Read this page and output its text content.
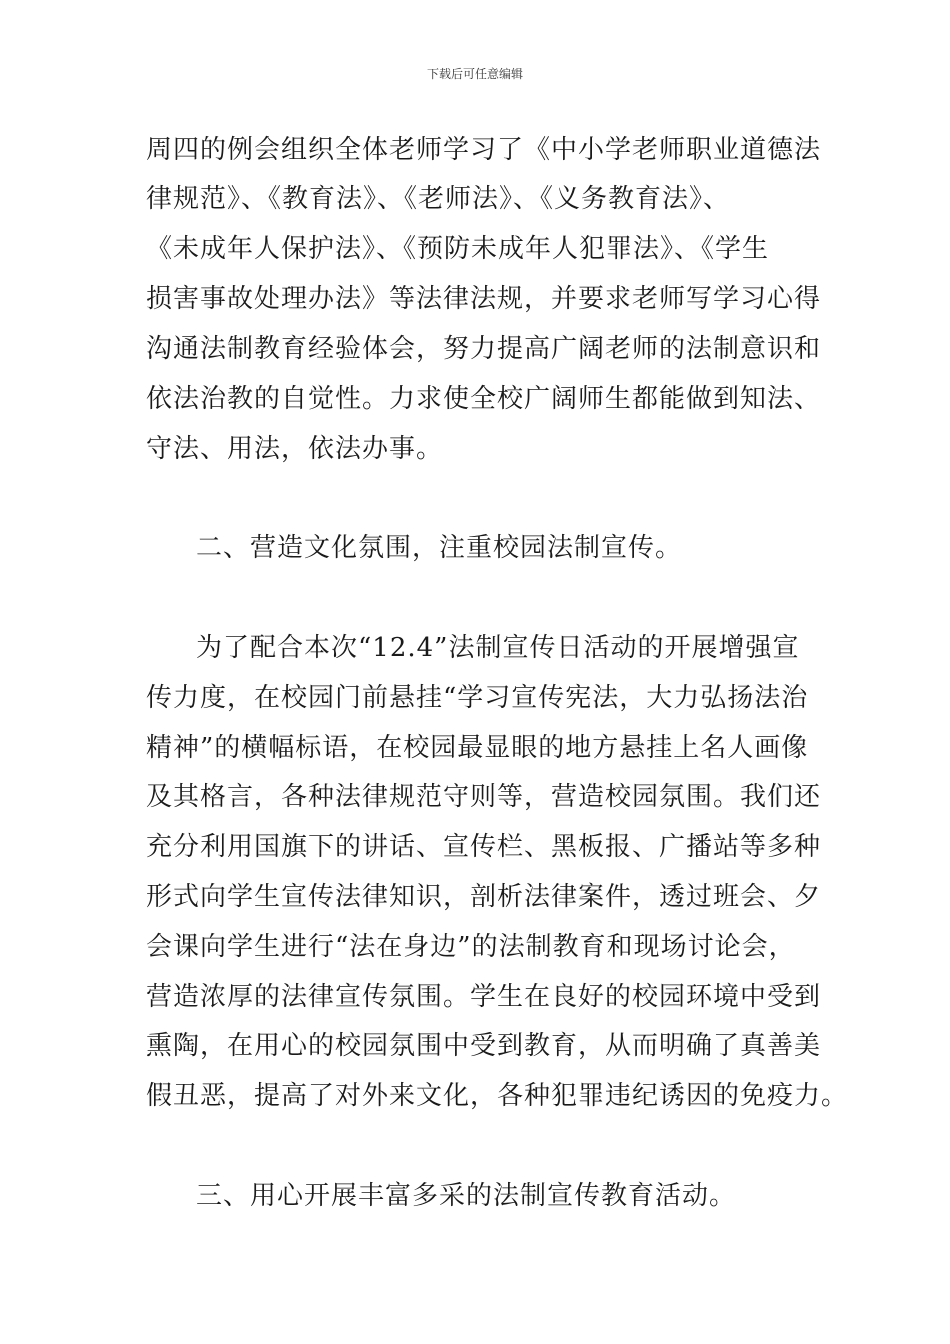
下载后可任意编辑
周四的例会组织全体老师学习了《中小学老师职业道德法
律规范》、《教育法》、《老师法》、《义务教育法》、
《未成年人保护法》、《预防未成年人犯罪法》、《学生
损害事故处理办法》等法律法规，并要求老师写学习心得
沟通法制教育经验体会，努力提高广阔老师的法制意识和
依法治教的自觉性。力求使全校广阔师生都能做到知法、
守法、用法，依法办事。
二、营造文化氛围，注重校园法制宣传。
为了配合本次“12.4”法制宣传日活动的开展增强宣
传力度，在校园门前悬挂“学习宣传宪法，大力弘扬法治
精神”的横幅标语，在校园最显眼的地方悬挂上名人画像
及其格言，各种法律规范守则等，营造校园氛围。我们还
充分利用国旗下的讲话、宣传栏、黑板报、广播站等多种
形式向学生宣传法律知识，剖析法律案件，透过班会、夕
会课向学生进行“法在身边”的法制教育和现场讨论会，
营造浓厚的法律宣传氛围。学生在良好的校园环境中受到
熏陶，在用心的校园氛围中受到教育，从而明确了真善美
假丑恶，提高了对外来文化，各种犯罪违纪诱因的免疫力。
三、用心开展丰富多采的法制宣传教育活动。
